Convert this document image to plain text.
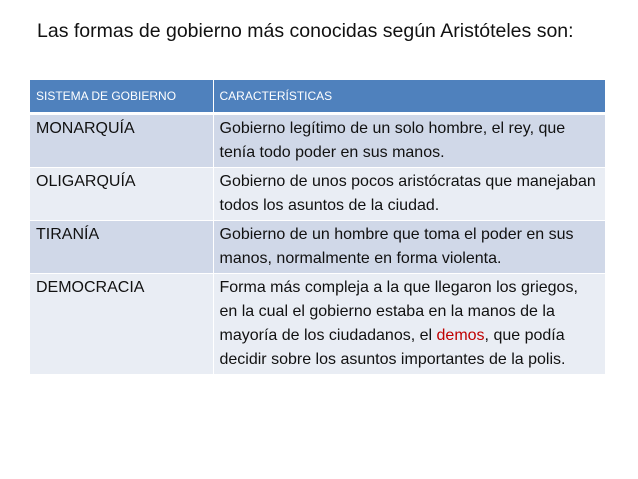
Las formas de gobierno más conocidas según Aristóteles son:
SISTEMA DE GOBIERNO	CARACTERÍSTICAS
MONARQUÍA	Gobierno legítimo de un solo hombre, el rey, que tenía todo poder en sus manos.
OLIGARQUÍA	Gobierno de unos pocos aristócratas que manejaban todos los asuntos de la ciudad.
TIRANÍA	Gobierno de un hombre que toma el poder en sus manos, normalmente en forma violenta.
DEMOCRACIA	Forma más compleja a la que llegaron los griegos, en la cual el gobierno estaba en la manos de la mayoría de los ciudadanos, el demos, que podía decidir sobre los asuntos importantes de la polis.
